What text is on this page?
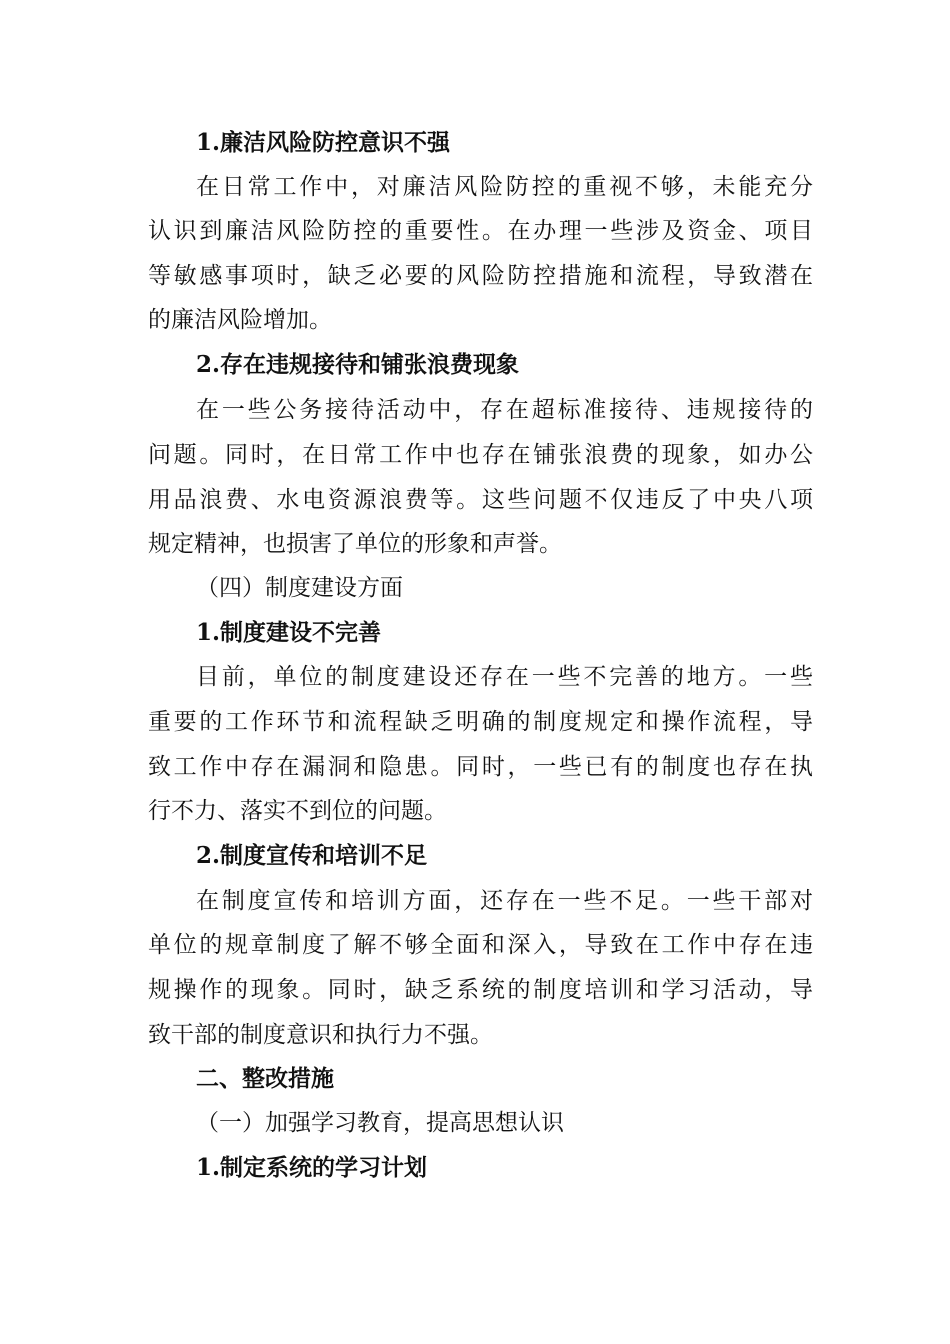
1.廉洁风险防控意识不强
在日常工作中，对廉洁风险防控的重视不够，未能充分
认识到廉洁风险防控的重要性。在办理一些涉及资金、项目
等敏感事项时，缺乏必要的风险防控措施和流程，导致潜在
的廉洁风险增加。
2.存在违规接待和铺张浪费现象
在一些公务接待活动中，存在超标准接待、违规接待的
问题。同时，在日常工作中也存在铺张浪费的现象，如办公
用品浪费、水电资源浪费等。这些问题不仅违反了中央八项
规定精神，也损害了单位的形象和声誉。
（四）制度建设方面
1.制度建设不完善
目前，单位的制度建设还存在一些不完善的地方。一些
重要的工作环节和流程缺乏明确的制度规定和操作流程，导
致工作中存在漏洞和隐患。同时，一些已有的制度也存在执
行不力、落实不到位的问题。
2.制度宣传和培训不足
在制度宣传和培训方面，还存在一些不足。一些干部对
单位的规章制度了解不够全面和深入，导致在工作中存在违
规操作的现象。同时，缺乏系统的制度培训和学习活动，导
致干部的制度意识和执行力不强。
二、整改措施
（一）加强学习教育，提高思想认识
1.制定系统的学习计划
